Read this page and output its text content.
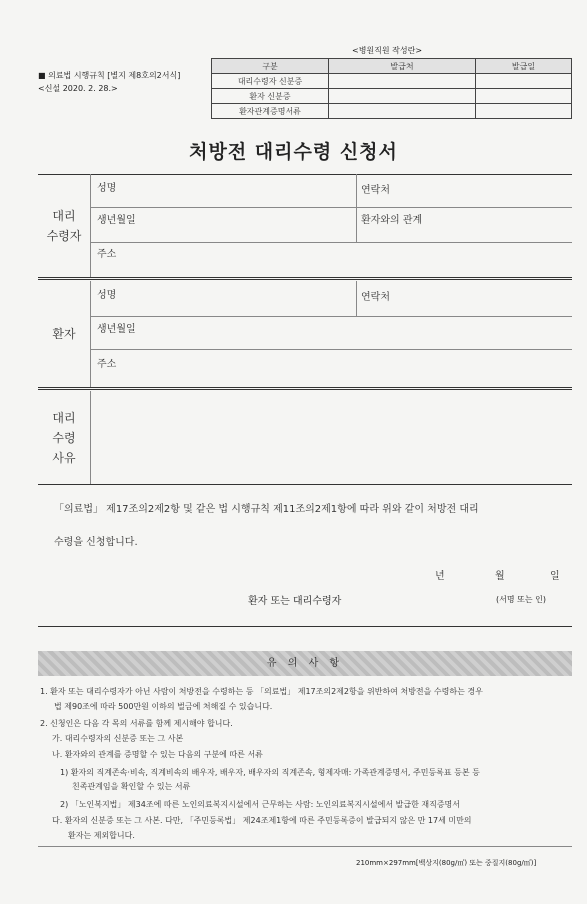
■ 의료법 시행규칙 [별지 제8호의2서식]
<신설 2020. 2. 28.>
<병원직원 작성란>
구분	발급처	발급일
대리수령자 신분증		
환자 신분증		
환자관계증명서류		
처방전 대리수령 신청서
대리
수령자
성명	연락처
생년월일	환자와의 관계
주소
환자
성명	연락처
생년월일
주소
대리
수령
사유
「의료법」 제17조의2제2항 및 같은 법 시행규칙 제11조의2제1항에 따라 위와 같이 처방전 대리
수령을 신청합니다.
년	월	일
환자 또는 대리수령자	(서명 또는 인)
유 의 사 항
1. 환자 또는 대리수령자가 아닌 사람이 처방전을 수령하는 등 「의료법」 제17조의2제2항을 위반하여 처방전을 수령하는 경우
법 제90조에 따라 500만원 이하의 벌금에 처해질 수 있습니다.
2. 신청인은 다음 각 목의 서류를 함께 제시해야 합니다.
가. 대리수령자의 신분증 또는 그 사본
나. 환자와의 관계를 증명할 수 있는 다음의 구분에 따른 서류
1) 환자의 직계존속·비속, 직계비속의 배우자, 배우자, 배우자의 직계존속, 형제자매: 가족관계증명서, 주민등록표 등본 등
친족관계임을 확인할 수 있는 서류
2) 「노인복지법」 제34조에 따른 노인의료복지시설에서 근무하는 사람: 노인의료복지시설에서 발급한 재직증명서
다. 환자의 신분증 또는 그 사본. 다만, 「주민등록법」 제24조제1항에 따른 주민등록증이 발급되지 않은 만 17세 미만의
환자는 제외합니다.
210mm×297mm[백상지(80g/㎡) 또는 중질지(80g/㎡)]
